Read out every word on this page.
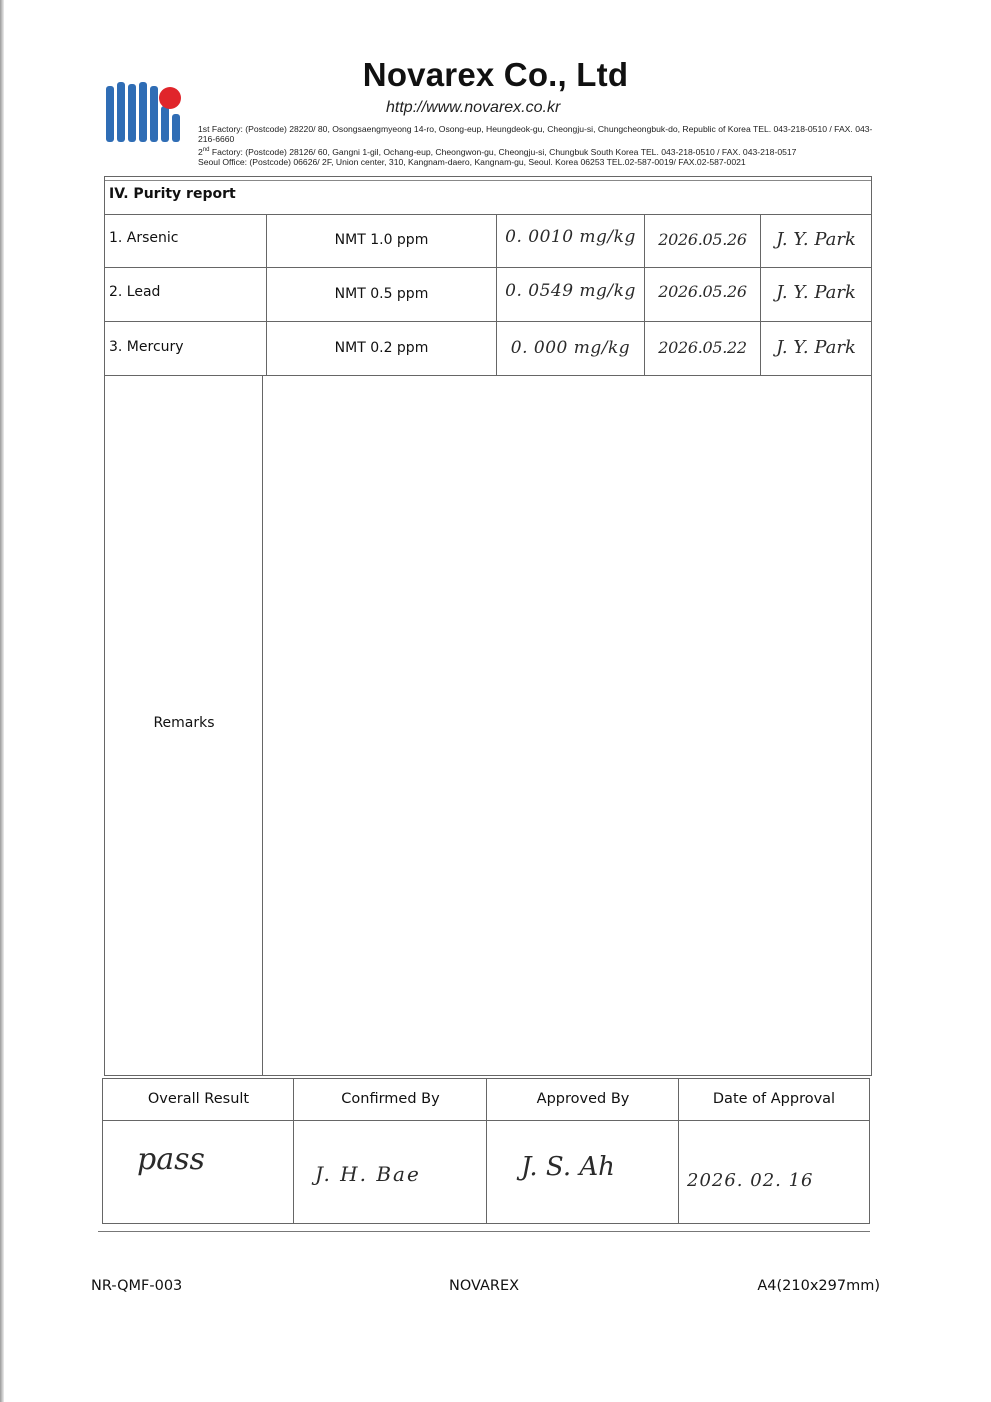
Novarex Co., Ltd
http://www.novarex.co.kr
1st Factory: (Postcode) 28220/ 80, Osongsaengmyeong 14-ro, Osong-eup, Heungdeok-gu, Cheongju-si, Chungcheongbuk-do, Republic of Korea TEL. 043-218-0510 / FAX. 043-216-6660
2nd Factory: (Postcode) 28126/ 60, Gangni 1-gil, Ochang-eup, Cheongwon-gu, Cheongju-si, Chungbuk South Korea TEL. 043-218-0510 / FAX. 043-218-0517
Seoul Office: (Postcode) 06626/ 2F, Union center, 310, Kangnam-daero, Kangnam-gu, Seoul. Korea 06253 TEL.02-587-0019/ FAX.02-587-0021
IV. Purity report
1. Arsenic	NMT 1.0 ppm	0. 0010 mg/kg	2026.05.26	J. Y. Park
2. Lead	NMT 0.5 ppm	0. 0549 mg/kg	2026.05.26	J. Y. Park
3. Mercury	NMT 0.2 ppm	0. 000 mg/kg	2026.05.22	J. Y. Park
Remarks
Overall Result	Confirmed By	Approved By	Date of Approval
pass	J. H. Bae	J. S. Ah	2026. 02. 16
NR-QMF-003	NOVAREX	A4(210x297mm)
